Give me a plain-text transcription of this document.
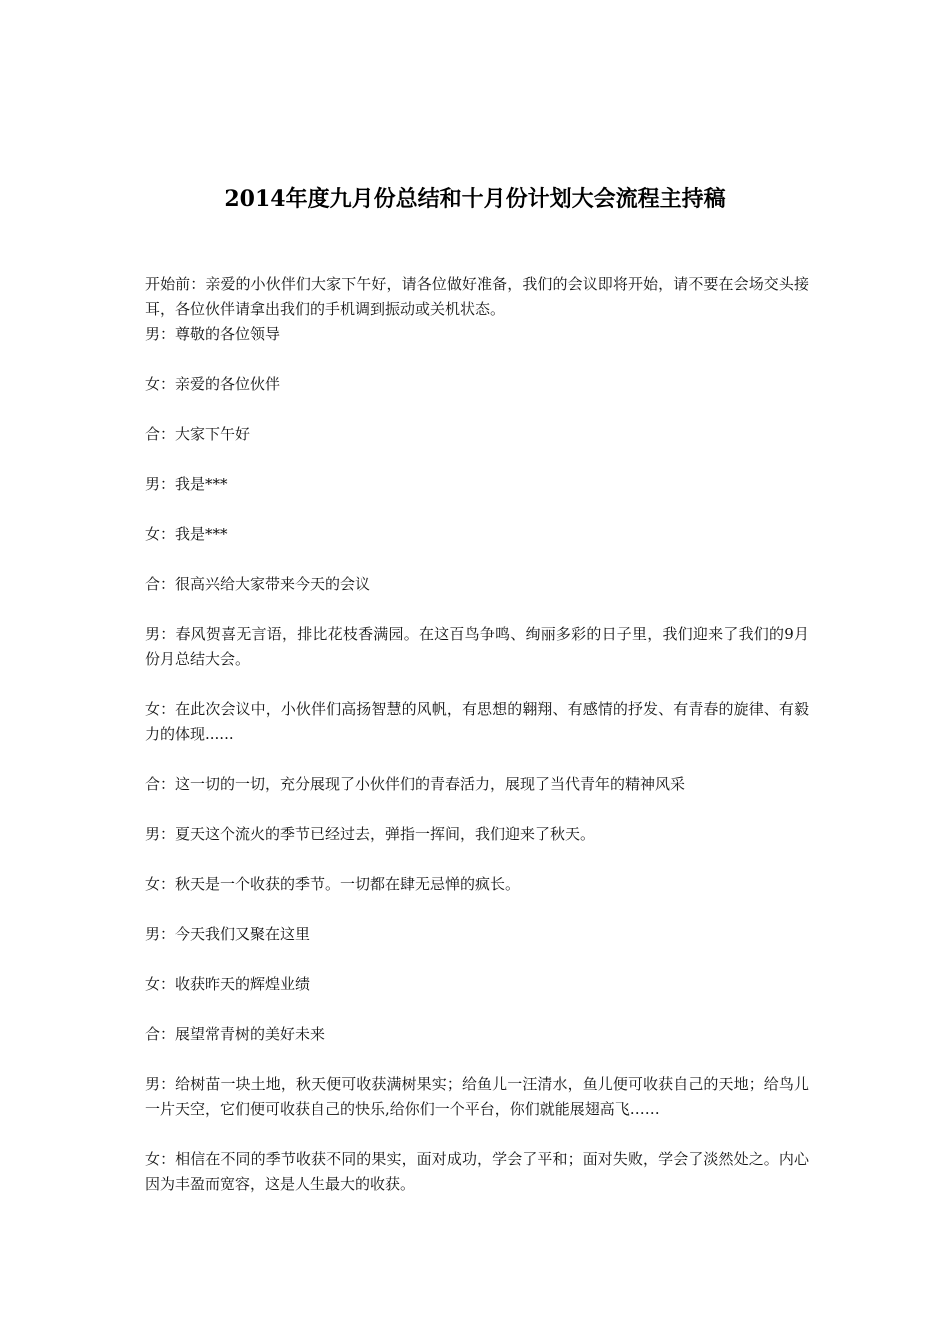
2014年度九月份总结和十月份计划大会流程主持稿

开始前：亲爱的小伙伴们大家下午好，请各位做好准备，我们的会议即将开始，请不要在会场交头接耳，各位伙伴请拿出我们的手机调到振动或关机状态。

男：尊敬的各位领导

女：亲爱的各位伙伴

合：大家下午好

男：我是***

女：我是***

合：很高兴给大家带来今天的会议

男：春风贺喜无言语，排比花枝香满园。在这百鸟争鸣、绚丽多彩的日子里，我们迎来了我们的9月份月总结大会。

女：在此次会议中，小伙伴们高扬智慧的风帆，有思想的翱翔、有感情的抒发、有青春的旋律、有毅力的体现......

合：这一切的一切，充分展现了小伙伴们的青春活力，展现了当代青年的精神风采

男：夏天这个流火的季节已经过去，弹指一挥间，我们迎来了秋天。

女：秋天是一个收获的季节。一切都在肆无忌惮的疯长。

男：今天我们又聚在这里

女：收获昨天的辉煌业绩

合：展望常青树的美好未来

男：给树苗一块土地，秋天便可收获满树果实；给鱼儿一汪清水，鱼儿便可收获自己的天地；给鸟儿一片天空，它们便可收获自己的快乐,给你们一个平台，你们就能展翅高飞……

女：相信在不同的季节收获不同的果实，面对成功，学会了平和；面对失败，学会了淡然处之。内心因为丰盈而宽容，这是人生最大的收获。
